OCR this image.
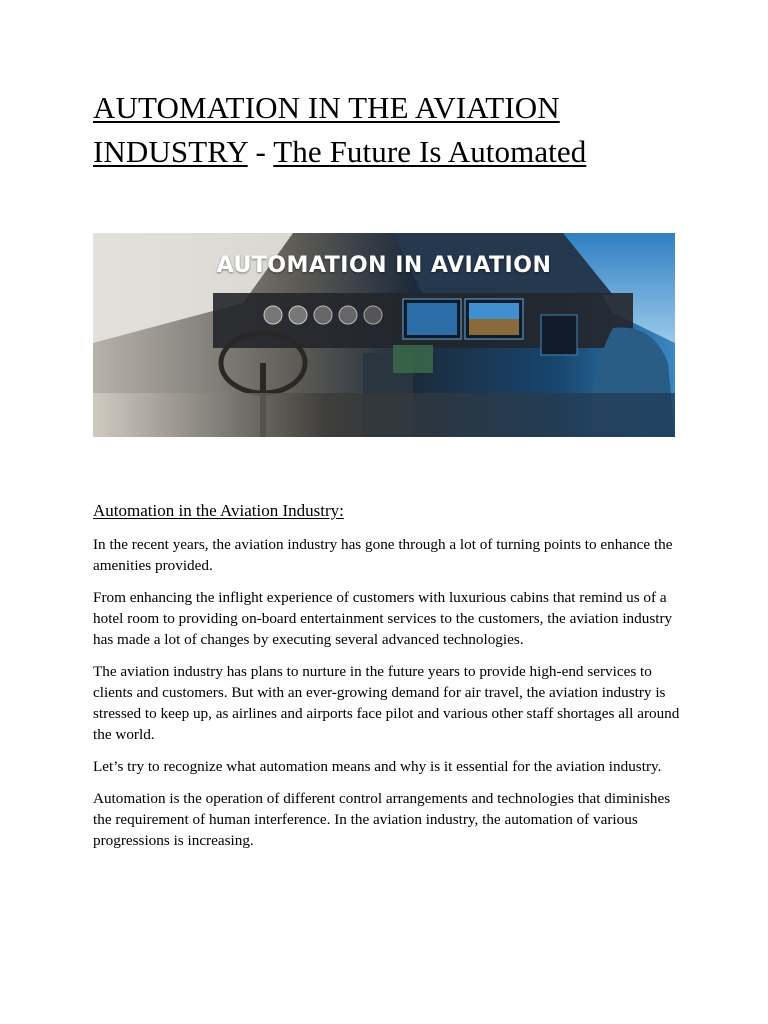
AUTOMATION IN THE AVIATION INDUSTRY - The Future Is Automated
AUTOMATION IN AVIATION
Automation in the Aviation Industry:

In the recent years, the aviation industry has gone through a lot of turning points to enhance the amenities provided.

From enhancing the inflight experience of customers with luxurious cabins that remind us of a hotel room to providing on-board entertainment services to the customers, the aviation industry has made a lot of changes by executing several advanced technologies.

The aviation industry has plans to nurture in the future years to provide high-end services to clients and customers. But with an ever-growing demand for air travel, the aviation industry is stressed to keep up, as airlines and airports face pilot and various other staff shortages all around the world.

Let’s try to recognize what automation means and why is it essential for the aviation industry.

Automation is the operation of different control arrangements and technologies that diminishes the requirement of human interference. In the aviation industry, the automation of various progressions is increasing.
